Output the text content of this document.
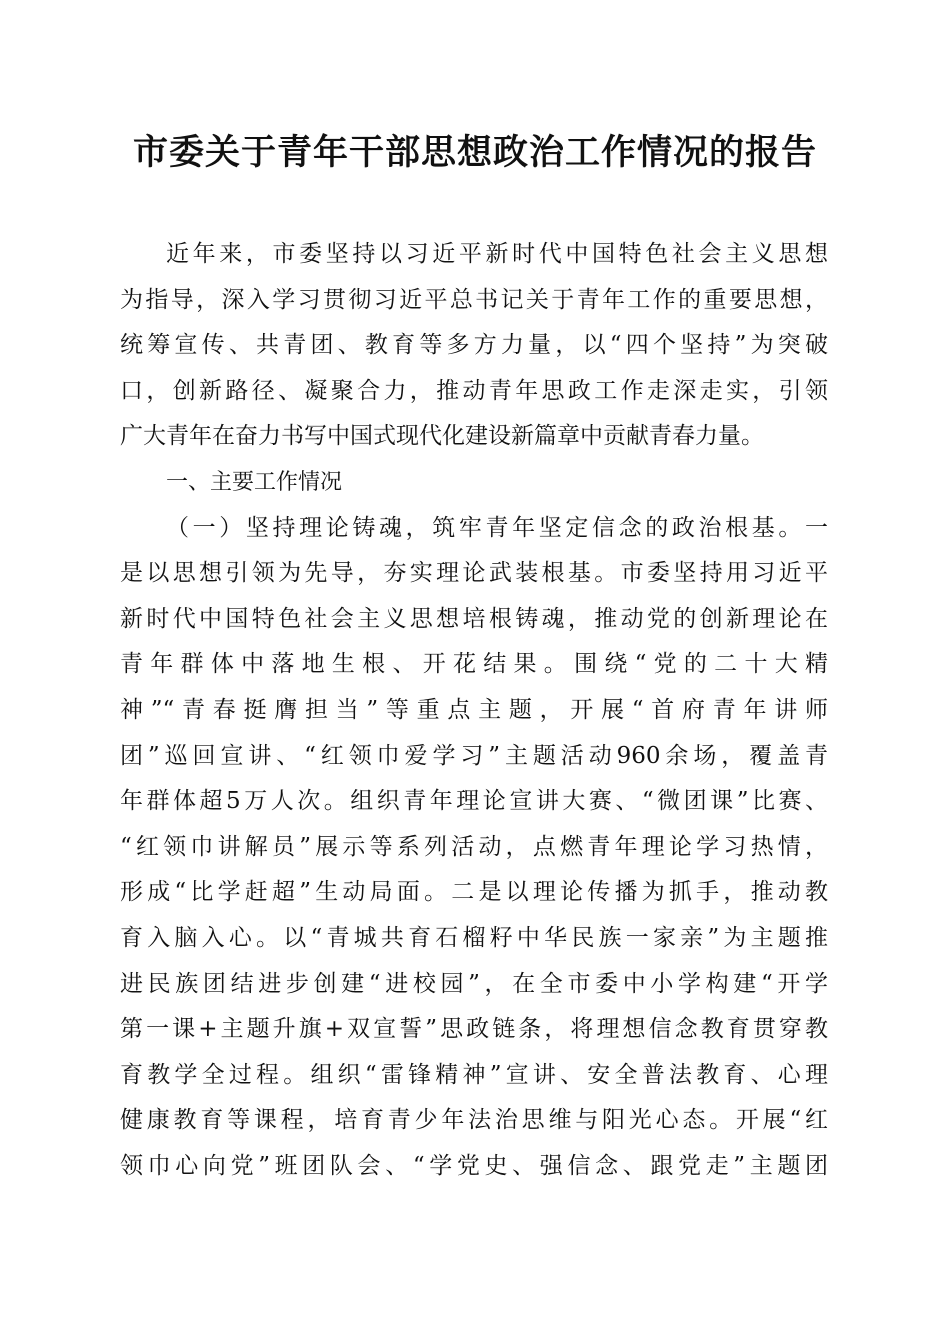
市委关于青年干部思想政治工作情况的报告
近年来，市委坚持以习近平新时代中国特色社会主义思想
为指导，深入学习贯彻习近平总书记关于青年工作的重要思想，
统筹宣传、共青团、教育等多方力量，以“四个坚持”为突破
口，创新路径、凝聚合力，推动青年思政工作走深走实，引领
广大青年在奋力书写中国式现代化建设新篇章中贡献青春力量。
一、主要工作情况
（一）坚持理论铸魂，筑牢青年坚定信念的政治根基。一
是以思想引领为先导，夯实理论武装根基。市委坚持用习近平
新时代中国特色社会主义思想培根铸魂，推动党的创新理论在
青年群体中落地生根、开花结果。围绕“党的二十大精
神”“青春挺膺担当”等重点主题，开展“首府青年讲师
团”巡回宣讲、“红领巾爱学习”主题活动960余场，覆盖青
年群体超5万人次。组织青年理论宣讲大赛、“微团课”比赛、
“红领巾讲解员”展示等系列活动，点燃青年理论学习热情，
形成“比学赶超”生动局面。二是以理论传播为抓手，推动教
育入脑入心。以“青城共育石榴籽中华民族一家亲”为主题推
进民族团结进步创建“进校园”，在全市委中小学构建“开学
第一课+主题升旗+双宣誓”思政链条，将理想信念教育贯穿教
育教学全过程。组织“雷锋精神”宣讲、安全普法教育、心理
健康教育等课程，培育青少年法治思维与阳光心态。开展“红
领巾心向党”班团队会、“学党史、强信念、跟党走”主题团
